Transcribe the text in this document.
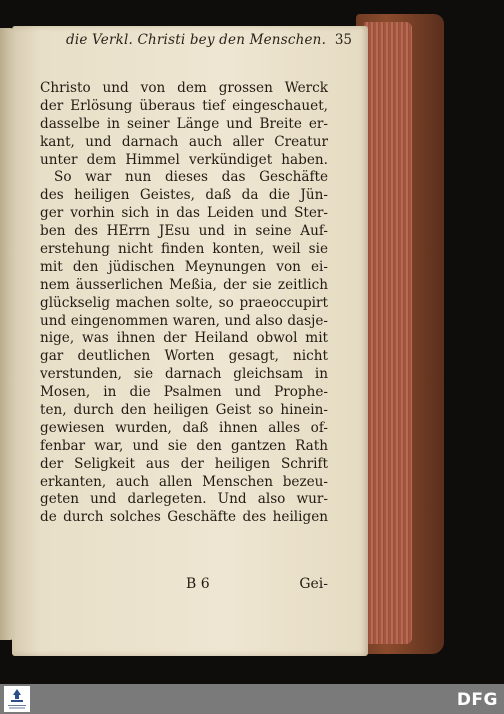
die Verkl. Christi bey den Menschen. 35
Christo und von dem grossen Werck
der Erlösung überaus tief eingeschauet,
dasselbe in seiner Länge und Breite er-
kant, und darnach auch aller Creatur
unter dem Himmel verkündiget haben.
So war nun dieses das Geschäfte
des heiligen Geistes, daß da die Jün-
ger vorhin sich in das Leiden und Ster-
ben des HErrn JEsu und in seine Auf-
erstehung nicht finden konten, weil sie
mit den jüdischen Meynungen von ei-
nem äusserlichen Meßia, der sie zeitlich
glückselig machen solte, so praeoccupirt
und eingenommen waren, und also dasje-
nige, was ihnen der Heiland obwol mit
gar deutlichen Worten gesagt, nicht
verstunden, sie darnach gleichsam in
Mosen, in die Psalmen und Prophe-
ten, durch den heiligen Geist so hinein-
gewiesen wurden, daß ihnen alles of-
fenbar war, und sie den gantzen Rath
der Seligkeit aus der heiligen Schrift
erkanten, auch allen Menschen bezeu-
geten und darlegeten. Und also wur-
de durch solches Geschäfte des heiligen
B 6	Gei-
DFG
